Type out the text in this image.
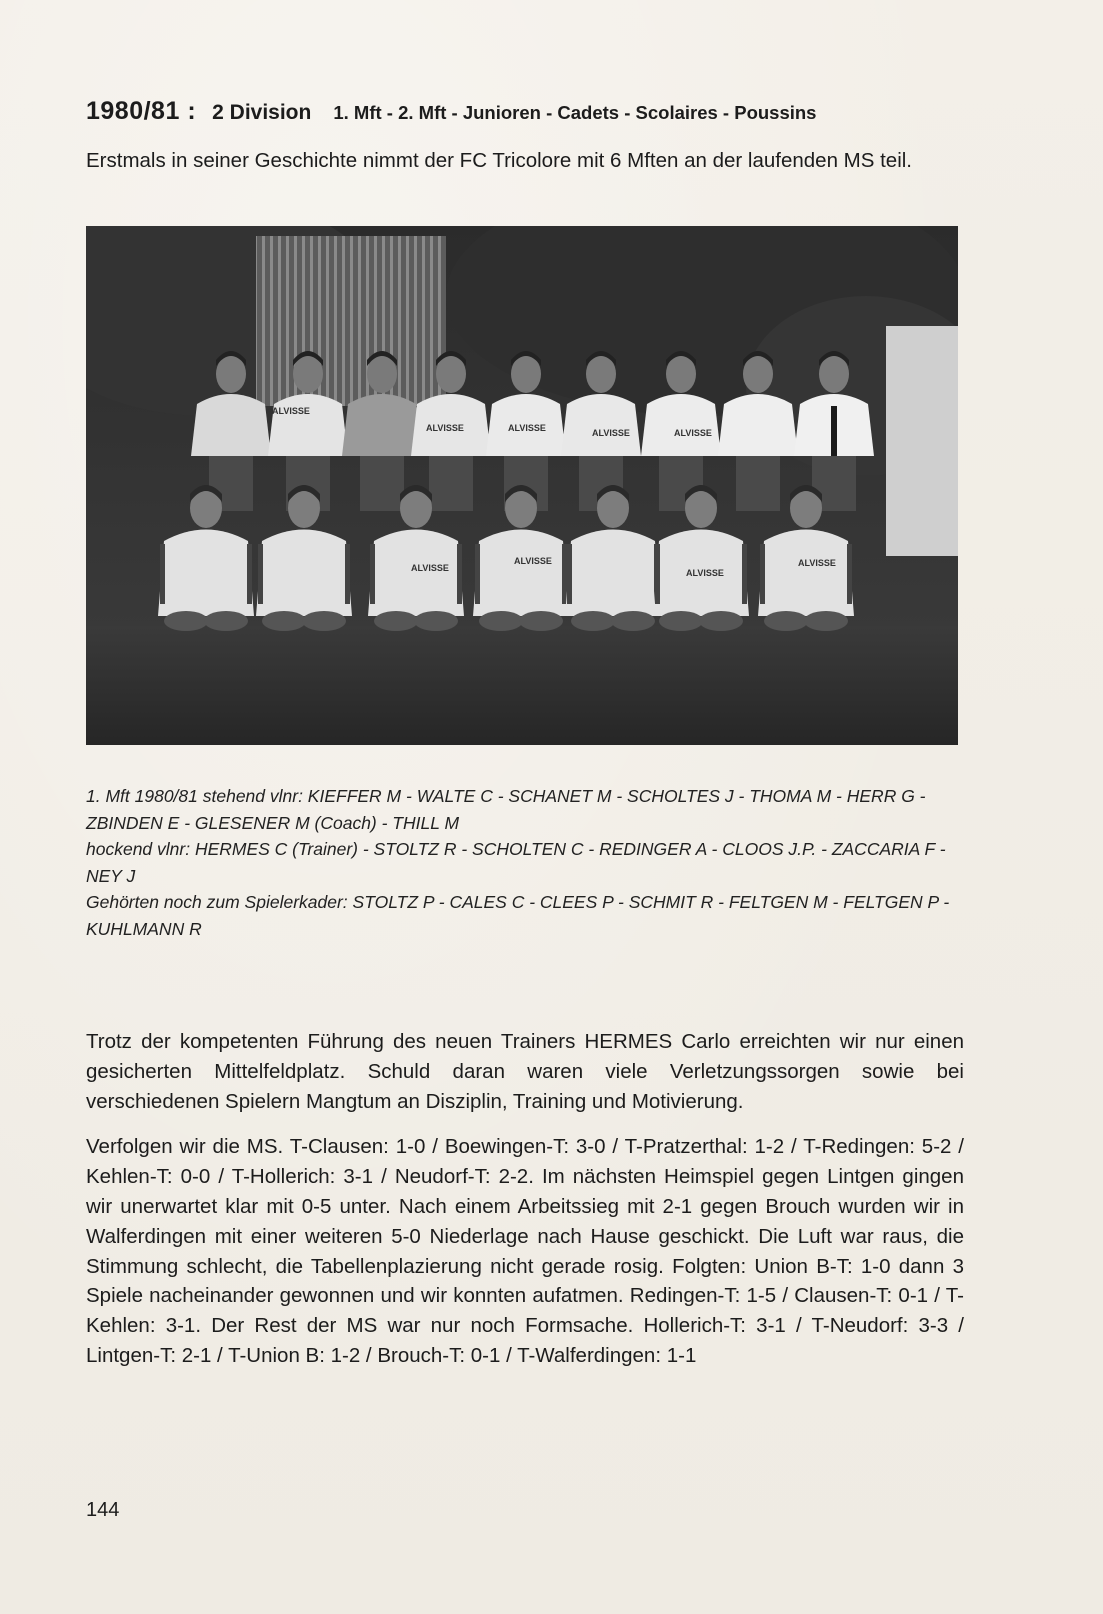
1980/81 : 2 Division 1. Mft - 2. Mft - Junioren - Cadets - Scolaires - Poussins
Erstmals in seiner Geschichte nimmt der FC Tricolore mit 6 Mften an der laufenden MS teil.
ALVISSE
ALVISSE	ALVISSE	ALVISSE	ALVISSE
ALVISSE
ALVISSE
ALVISSE
ALVISSE

1. Mft 1980/81 stehend vlnr: KIEFFER M - WALTE C - SCHANET M - SCHOLTES J - THOMA M - HERR G - ZBINDEN E - GLESENER M (Coach) - THILL M

hockend vlnr: HERMES C (Trainer) - STOLTZ R - SCHOLTEN C - REDINGER A - CLOOS J.P. - ZACCARIA F - NEY J

Gehörten noch zum Spielerkader: STOLTZ P - CALES C - CLEES P - SCHMIT R - FELTGEN M - FELTGEN P - KUHLMANN R

Trotz der kompetenten Führung des neuen Trainers HERMES Carlo erreichten wir nur einen gesicherten Mittelfeldplatz. Schuld daran waren viele Verletzungssorgen sowie bei verschiedenen Spielern Mangtum an Disziplin, Training und Motivierung.

Verfolgen wir die MS. T-Clausen: 1-0 / Boewingen-T: 3-0 / T-Pratzerthal: 1-2 / T-Redingen: 5-2 / Kehlen-T: 0-0 / T-Hollerich: 3-1 / Neudorf-T: 2-2. Im nächsten Heimspiel gegen Lintgen gingen wir unerwartet klar mit 0-5 unter. Nach einem Arbeitssieg mit 2-1 gegen Brouch wurden wir in Walferdingen mit einer weiteren 5-0 Niederlage nach Hause geschickt. Die Luft war raus, die Stimmung schlecht, die Tabellenplazierung nicht gerade rosig. Folgten: Union B-T: 1-0 dann 3 Spiele nacheinander gewonnen und wir konnten aufatmen. Redingen-T: 1-5 / Clausen-T: 0-1 / T-Kehlen: 3-1. Der Rest der MS war nur noch Formsache. Hollerich-T: 3-1 / T-Neudorf: 3-3 / Lintgen-T: 2-1 / T-Union B: 1-2 / Brouch-T: 0-1 / T-Walferdingen: 1-1

144
